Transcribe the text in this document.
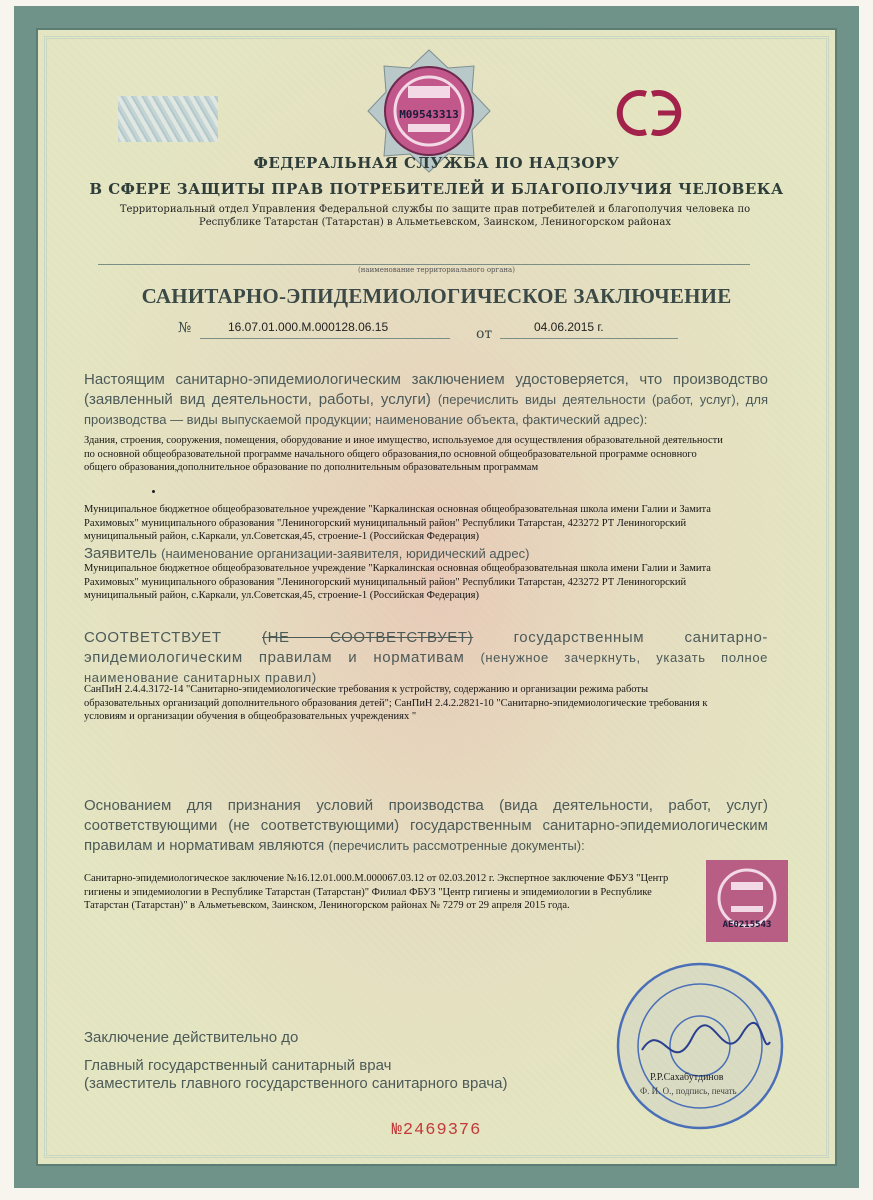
M09543313
ФЕДЕРАЛЬНАЯ СЛУЖБА ПО НАДЗОРУ
В СФЕРЕ ЗАЩИТЫ ПРАВ ПОТРЕБИТЕЛЕЙ И БЛАГОПОЛУЧИЯ ЧЕЛОВЕКА
Территориальный отдел Управления Федеральной службы по защите прав потребителей и благополучия человека по Республике Татарстан (Татарстан) в Альметьевском, Заинском, Лениногорском районах
(наименование территориального органа)
САНИТАРНО-ЭПИДЕМИОЛОГИЧЕСКОЕ ЗАКЛЮЧЕНИЕ
№	16.07.01.000.М.000128.06.15	от	04.06.2015 г.
Настоящим санитарно-эпидемиологическим заключением удостоверяется, что производство (заявленный вид деятельности, работы, услуги) (перечислить виды деятельности (работ, услуг), для производства — виды выпускаемой продукции; наименование объекта, фактический адрес):
Здания, строения, сооружения, помещения, оборудование и иное имущество, используемое для осуществления образовательной деятельности по основной общеобразовательной программе начального общего образования,по основной общеобразовательной программе основного общего образования,дополнительное образование по дополнительным образовательным программам
Муниципальное бюджетное общеобразовательное учреждение "Каркалинская основная общеобразовательная школа имени Галии и Замита Рахимовых" муниципального образования "Лениногорский муниципальный район" Республики Татарстан, 423272 РТ Лениногорский муниципальный район, с.Каркали, ул.Советская,45, строение-1 (Российская Федерация)
Заявитель (наименование организации-заявителя, юридический адрес)
Муниципальное бюджетное общеобразовательное учреждение "Каркалинская основная общеобразовательная школа имени Галии и Замита Рахимовых" муниципального образования "Лениногорский муниципальный район" Республики Татарстан, 423272 РТ Лениногорский муниципальный район, с.Каркали, ул.Советская,45, строение-1 (Российская Федерация)
СООТВЕТСТВУЕТ	(НЕ СООТВЕТСТВУЕТ)	государственным санитарно-эпидемиологическим правилам и нормативам (ненужное зачеркнуть, указать полное наименование санитарных правил)
СанПиН 2.4.4.3172-14 "Санитарно-эпидемиологические требования к устройству, содержанию и организации режима работы образовательных организаций дополнительного образования детей"; СанПиН 2.4.2.2821-10 "Санитарно-эпидемиологические требования к условиям и организации обучения в общеобразовательных учреждениях "
Основанием для признания условий производства (вида деятельности, работ, услуг) соответствующими (не соответствующими) государственным санитарно-эпидемиологическим правилам и нормативам являются (перечислить рассмотренные документы):
Санитарно-эпидемиологическое заключение №16.12.01.000.М.000067.03.12 от 02.03.2012 г. Экспертное заключение ФБУЗ "Центр гигиены и эпидемиологии в Республике Татарстан (Татарстан)" Филиал ФБУЗ "Центр гигиены и эпидемиологии в Республике Татарстан (Татарстан)" в Альметьевском, Заинском, Лениногорском районах № 7279 от 29 апреля 2015 года.
AE0215543
Заключение действительно до
Главный государственный санитарный врач
(заместитель главного государственного санитарного врача)	Р.Р.Сахабутдинов
Ф. И. О., подпись, печать
№2469376
